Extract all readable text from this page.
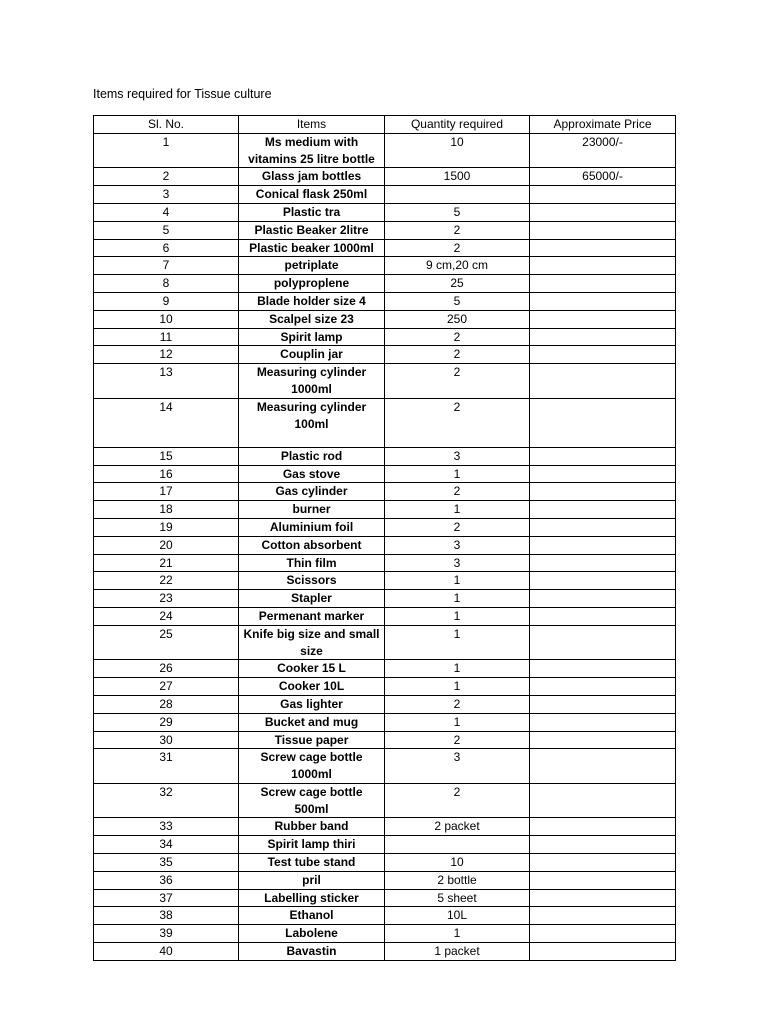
Items required for Tissue culture
Sl. No.	Items	Quantity required	Approximate Price
1	Ms medium with vitamins 25 litre bottle	10	23000/-
2	Glass jam bottles	1500	65000/-
3	Conical flask 250ml		
4	Plastic tra	5	
5	Plastic Beaker 2litre	2	
6	Plastic beaker 1000ml	2	
7	petriplate	9 cm,20 cm	
8	polyproplene	25	
9	Blade holder size 4	5	
10	Scalpel size 23	250	
11	Spirit lamp	2	
12	Couplin jar	2	
13	Measuring cylinder 1000ml	2	
14	Measuring cylinder 100ml	2	
15	Plastic rod	3	
16	Gas stove	1	
17	Gas cylinder	2	
18	burner	1	
19	Aluminium foil	2	
20	Cotton absorbent	3	
21	Thin film	3	
22	Scissors	1	
23	Stapler	1	
24	Permenant marker	1	
25	Knife big size and small size	1	
26	Cooker 15 L	1	
27	Cooker 10L	1	
28	Gas lighter	2	
29	Bucket and mug	1	
30	Tissue paper	2	
31	Screw cage bottle 1000ml	3	
32	Screw cage bottle 500ml	2	
33	Rubber band	2 packet	
34	Spirit lamp thiri		
35	Test tube stand	10	
36	pril	2 bottle	
37	Labelling sticker	5 sheet	
38	Ethanol	10L	
39	Labolene	1	
40	Bavastin	1 packet	
